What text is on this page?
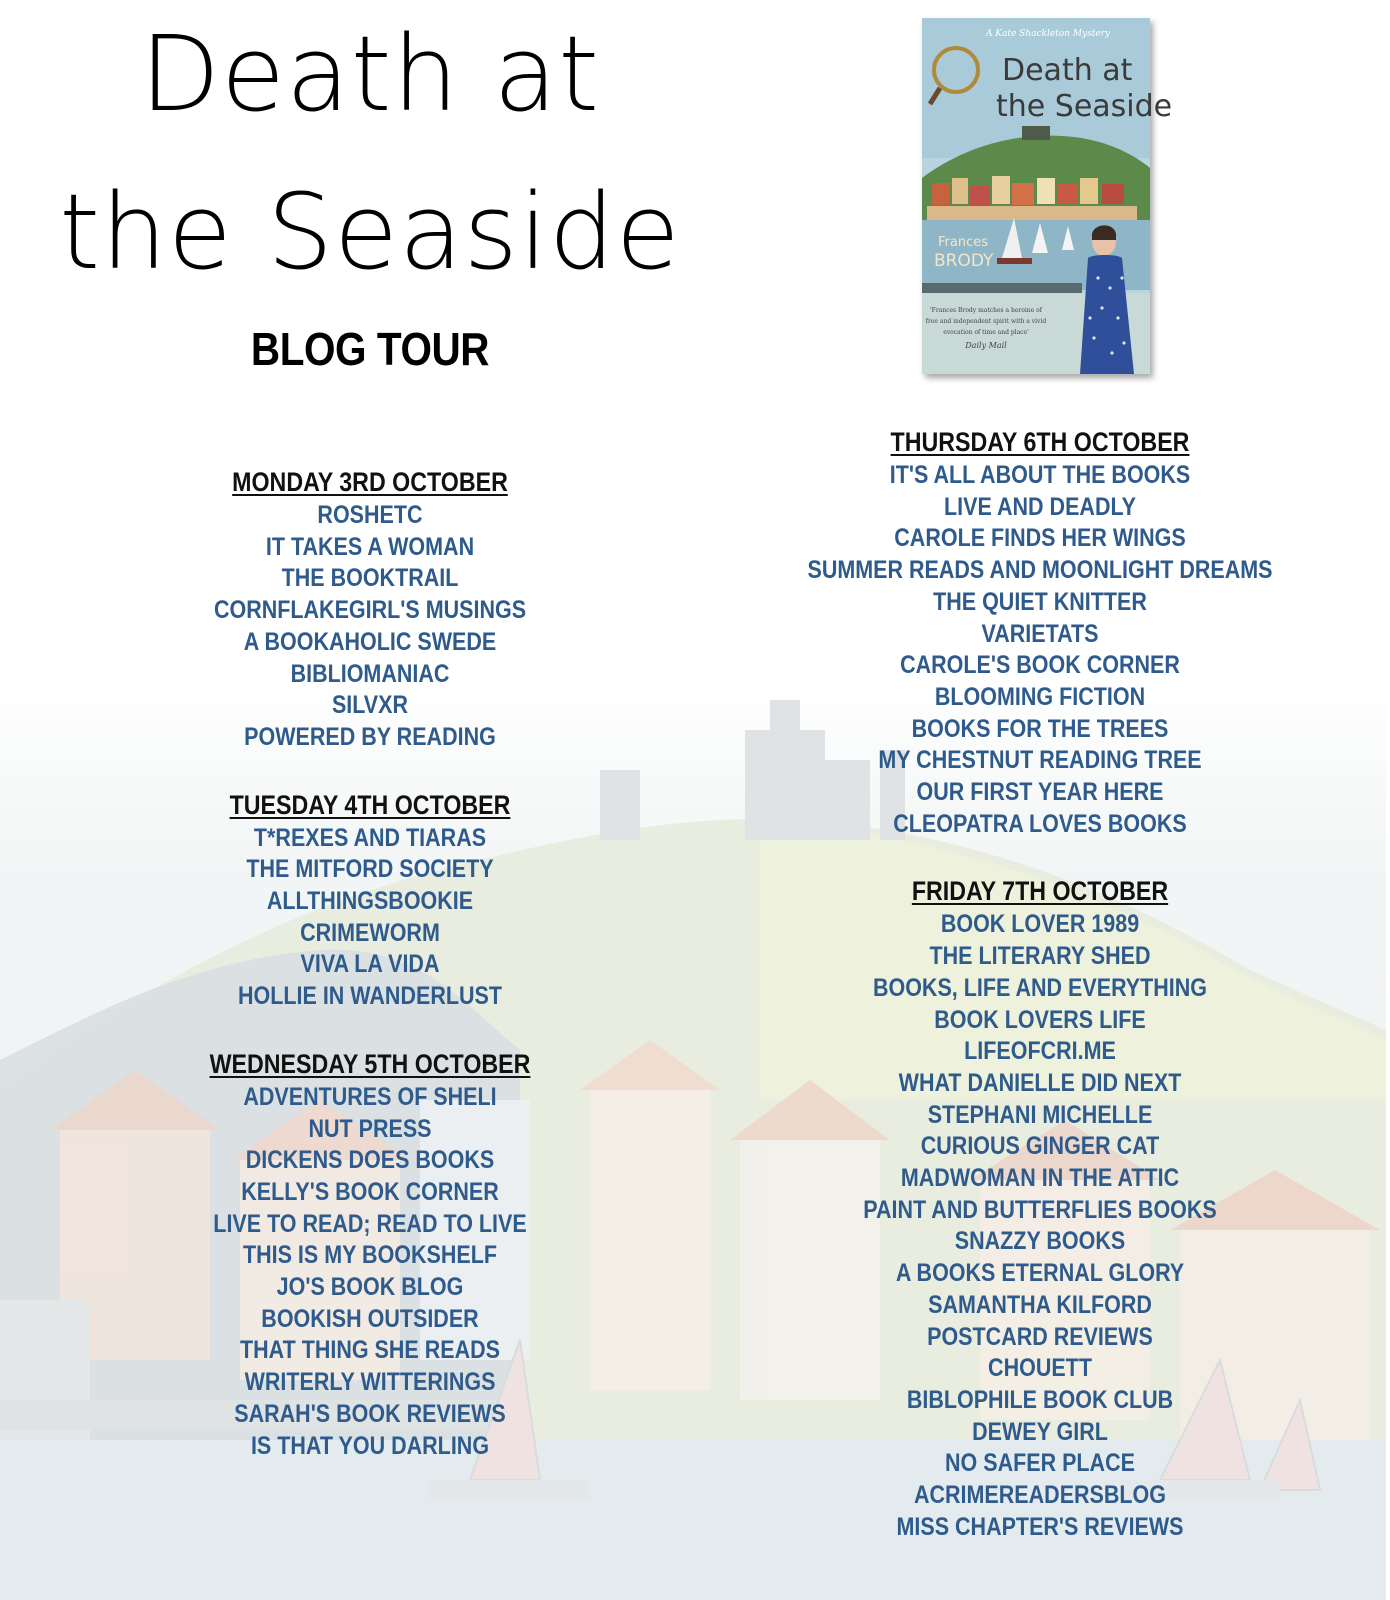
Death at
the Seaside
BLOG TOUR
A Kate Shackleton Mystery
Death at
the Seaside
Frances
BRODY
'Frances Brody matches a heroine of
free and independent spirit with a vivid
evocation of time and place'
Daily Mail
MONDAY 3RD OCTOBER
ROSHETC
IT TAKES A WOMAN
THE BOOKTRAIL
CORNFLAKEGIRL'S MUSINGS
A BOOKAHOLIC SWEDE
BIBLIOMANIAC
SILVXR
POWERED BY READING
TUESDAY 4TH OCTOBER
T*REXES AND TIARAS
THE MITFORD SOCIETY
ALLTHINGSBOOKIE
CRIMEWORM
VIVA LA VIDA
HOLLIE IN WANDERLUST
WEDNESDAY 5TH OCTOBER
ADVENTURES OF SHELI
NUT PRESS
DICKENS DOES BOOKS
KELLY'S BOOK CORNER
LIVE TO READ; READ TO LIVE
THIS IS MY BOOKSHELF
JO'S BOOK BLOG
BOOKISH OUTSIDER
THAT THING SHE READS
WRITERLY WITTERINGS
SARAH'S BOOK REVIEWS
IS THAT YOU DARLING
THURSDAY 6TH OCTOBER
IT'S ALL ABOUT THE BOOKS
LIVE AND DEADLY
CAROLE FINDS HER WINGS
SUMMER READS AND MOONLIGHT DREAMS
THE QUIET KNITTER
VARIETATS
CAROLE'S BOOK CORNER
BLOOMING FICTION
BOOKS FOR THE TREES
MY CHESTNUT READING TREE
OUR FIRST YEAR HERE
CLEOPATRA LOVES BOOKS
FRIDAY 7TH OCTOBER
BOOK LOVER 1989
THE LITERARY SHED
BOOKS, LIFE AND EVERYTHING
BOOK LOVERS LIFE
LIFEOFCRI.ME
WHAT DANIELLE DID NEXT
STEPHANI MICHELLE
CURIOUS GINGER CAT
MADWOMAN IN THE ATTIC
PAINT AND BUTTERFLIES BOOKS
SNAZZY BOOKS
A BOOKS ETERNAL GLORY
SAMANTHA KILFORD
POSTCARD REVIEWS
CHOUETT
BIBLOPHILE BOOK CLUB
DEWEY GIRL
NO SAFER PLACE
ACRIMEREADERSBLOG
MISS CHAPTER'S REVIEWS
